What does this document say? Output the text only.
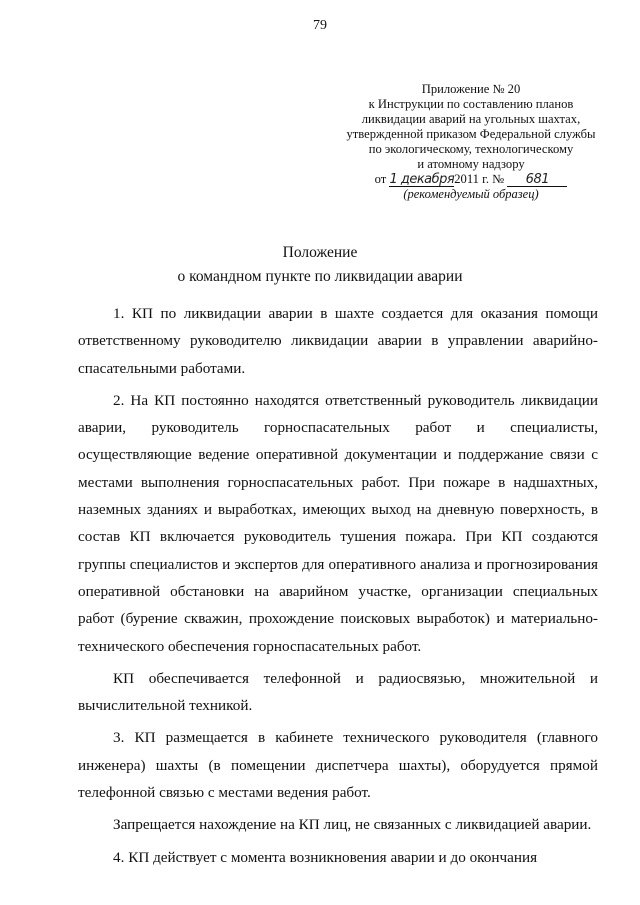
79
Приложение № 20
к Инструкции по составлению планов
ликвидации аварий на угольных шахтах,
утвержденной приказом Федеральной службы
по экологическому, технологическому
и атомному надзору
от 1 декабря2011 г. № 681
(рекомендуемый образец)
Положение
о командном пункте по ликвидации аварии

1. КП по ликвидации аварии в шахте создается для оказания помощи ответственному руководителю ликвидации аварии в управлении аварийно-спасательными работами.

2. На КП постоянно находятся ответственный руководитель ликвидации аварии, руководитель горноспасательных работ и специалисты, осуществляющие ведение оперативной документации и поддержание связи с местами выполнения горноспасательных работ. При пожаре в надшахтных, наземных зданиях и выработках, имеющих выход на дневную поверхность, в состав КП включается руководитель тушения пожара. При КП создаются группы специалистов и экспертов для оперативного анализа и прогнозирования оперативной обстановки на аварийном участке, организации специальных работ (бурение скважин, прохождение поисковых выработок) и материально-технического обеспечения горноспасательных работ.

КП обеспечивается телефонной и радиосвязью, множительной и вычислительной техникой.

3. КП размещается в кабинете технического руководителя (главного инженера) шахты (в помещении диспетчера шахты), оборудуется прямой телефонной связью с местами ведения работ.

Запрещается нахождение на КП лиц, не связанных с ликвидацией аварии.

4. КП действует с момента возникновения аварии и до окончания
